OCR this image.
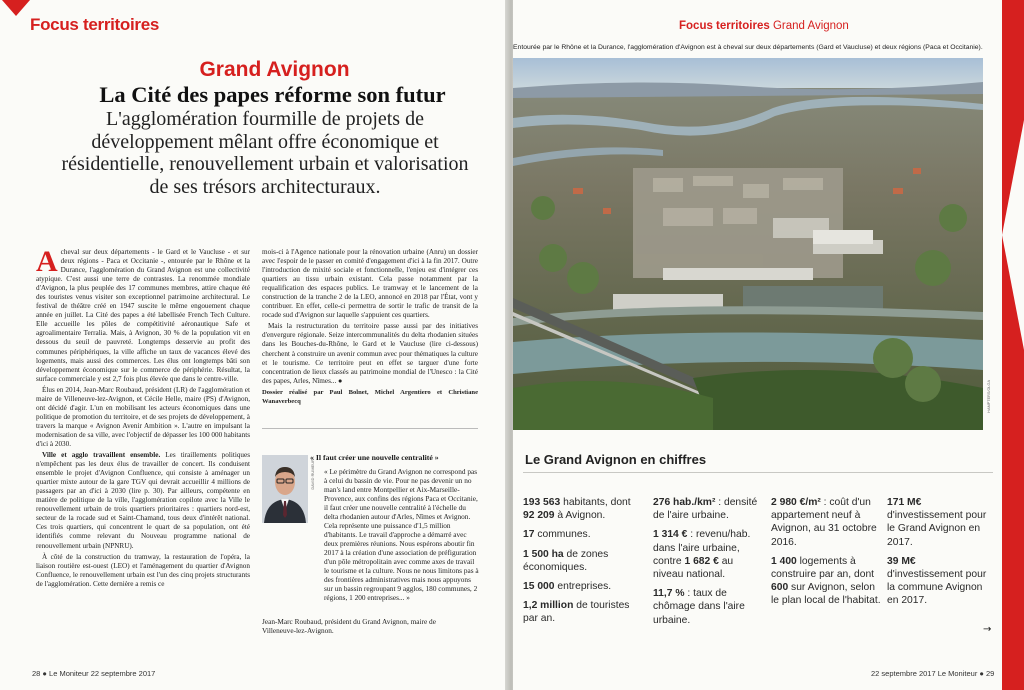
Focus territoires
Grand Avignon
La Cité des papes réforme son futur
L'agglomération fourmille de projets de développement mêlant offre économique et résidentielle, renouvellement urbain et valorisation de ses trésors architecturaux.

Acheval sur deux départements - le Gard et le Vaucluse - et sur deux régions - Paca et Occitanie -, entourée par le Rhône et la Durance, l'agglomération du Grand Avignon est une collectivité atypique. C'est aussi une terre de contrastes. La renommée mondiale d'Avignon, la plus peuplée des 17 communes membres, attire chaque été des touristes venus visiter son exceptionnel patrimoine architectural. Le festival de théâtre créé en 1947 suscite le même engouement chaque année en juillet. La Cité des papes a été labellisée French Tech Culture. Elle accueille les pôles de compétitivité aéronautique Safe et agroalimentaire Terralia. Mais, à Avignon, 30 % de la population vit en dessous du seuil de pauvreté. Longtemps desservie au profit des communes périphériques, la ville affiche un taux de vacances élevé des logements, mais aussi des commerces. Les élus ont longtemps bâti son développement économique sur le commerce de périphérie. Résultat, la surface commerciale y est 2,7 fois plus élevée que dans le centre-ville.

Élus en 2014, Jean-Marc Roubaud, président (LR) de l'agglomération et maire de Villeneuve-lez-Avignon, et Cécile Helle, maire (PS) d'Avignon, ont décidé d'agir. L'un en mobilisant les acteurs économiques dans une politique de promotion du territoire, et de ses projets de développement, à travers la marque « Avignon Avenir Ambition ». L'autre en impulsant la modernisation de sa ville, avec l'objectif de dépasser les 100 000 habitants d'ici à 2030.

Ville et agglo travaillent ensemble. Les tiraillements politiques n'empêchent pas les deux élus de travailler de concert. Ils conduisent ensemble le projet d'Avignon Confluence, qui consiste à aménager un quartier mixte autour de la gare TGV qui devrait accueillir 4 millions de passagers par an d'ici à 2030 (lire p. 30). Par ailleurs, compétente en matière de politique de la ville, l'agglomération copilote avec la Ville le renouvellement urbain de trois quartiers prioritaires : quartiers nord-est, secteur de la rocade sud et Saint-Chamand, tous deux d'intérêt national. Ces trois quartiers, qui concentrent le quart de sa population, ont été identifiés comme relevant du Nouveau programme national de renouvellement urbain (NPNRU).

À côté de la construction du tramway, la restauration de l'opéra, la liaison routière est-ouest (LEO) et l'aménagement du quartier d'Avignon Confluence, le renouvellement urbain est l'un des cinq projets structurants de l'agglomération. Cette dernière a remis ce

mois-ci à l'Agence nationale pour la rénovation urbaine (Anru) un dossier avec l'espoir de le passer en comité d'engagement d'ici à la fin 2017. Outre l'introduction de mixité sociale et fonctionnelle, l'enjeu est d'intégrer ces quartiers au tissu urbain existant. Cela passe notamment par la requalification des espaces publics. Le tramway et le lancement de la construction de la tranche 2 de la LEO, annoncé en 2018 par l'État, vont y contribuer. En effet, celle-ci permettra de sortir le trafic de transit de la rocade sud d'Avignon sur laquelle s'appuient ces quartiers.

Mais la restructuration du territoire passe aussi par des initiatives d'envergure régionale. Seize intercommunalités du delta rhodanien situées dans les Bouches-du-Rhône, le Gard et le Vaucluse (lire ci-dessous) cherchent à construire un avenir commun avec pour thématiques la culture et le tourisme. Ce territoire peut en effet se targuer d'une forte concentration de lieux classés au patrimoine mondial de l'Unesco : la Cité des papes, Arles, Nîmes... ●

Dossier réalisé par Paul Bolnet, Michel Argentiero et Christiane Wanaverbecq

DAVID RUMEUR
« Il faut créer une nouvelle centralité »
« Le périmètre du Grand Avignon ne correspond pas à celui du bassin de vie. Pour ne pas devenir un no man's land entre Montpellier et Aix-Marseille-Provence, aux confins des régions Paca et Occitanie, il faut créer une nouvelle centralité à l'échelle du delta rhodanien autour d'Arles, Nîmes et Avignon. Cela représente une puissance d'1,5 million d'habitants. Le travail d'approche a démarré avec deux premières réunions. Nous espérons aboutir fin 2017 à la création d'une association de préfiguration d'un pôle métropolitain avec comme axes de travail le tourisme et la culture. Nous ne nous limitons pas à des frontières administratives mais nous appuyons sur un bassin regroupant 9 agglos, 180 communes, 2 régions, 1 200 entreprises... »
Jean-Marc Roubaud, président du Grand Avignon, maire de Villeneuve-lez-Avignon.
28 ● Le Moniteur 22 septembre 2017
Focus territoires Grand Avignon
Entourée par le Rhône et la Durance, l'agglomération d'Avignon est à cheval sur deux départements (Gard et Vaucluse) et deux régions (Paca et Occitanie).
HAMPTERS/OLGA
Le Grand Avignon en chiffres

193 563 habitants, dont 92 209 à Avignon.

17 communes.

1 500 ha de zones économiques.

15 000 entreprises.

1,2 million de touristes par an.

276 hab./km² : densité de l'aire urbaine.

1 314 € : revenu/hab. dans l'aire urbaine, contre 1 682 € au niveau national.

11,7 % : taux de chômage dans l'aire urbaine.

2 980 €/m² : coût d'un appartement neuf à Avignon, au 31 octobre 2016.

1 400 logements à construire par an, dont 600 sur Avignon, selon le plan local de l'habitat.

171 M€ d'investissement pour le Grand Avignon en 2017.

39 M€ d'investissement pour la commune Avignon en 2017.

→
22 septembre 2017 Le Moniteur ● 29
